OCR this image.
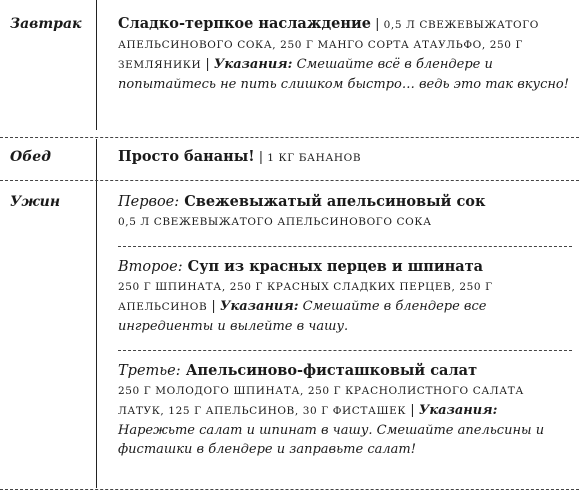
Завтрак	Сладко-терпкое наслаждение | 0,5 Л СВЕЖЕВЫЖАТОГО АПЕЛЬСИНОВОГО СОКА, 250 Г МАНГО СОРТА АТАУЛЬФО, 250 Г ЗЕМЛЯНИКИ | Указания: Смешайте всё в блендере и попытайтесь не пить слишком быстро… ведь это так вкусно!

Обед	Просто бананы! | 1 КГ БАНАНОВ

Ужин	Первое: Свежевыжатый апельсиновый сок

0,5 Л СВЕЖЕВЫЖАТОГО АПЕЛЬСИНОВОГО СОКА

Второе: Суп из красных перцев и шпината

250 Г ШПИНАТА, 250 Г КРАСНЫХ СЛАДКИХ ПЕРЦЕВ, 250 Г АПЕЛЬСИНОВ | Указания: Смешайте в блендере все ингредиенты и вылейте в чашу.

Третье: Апельсиново-фисташковый салат

250 Г МОЛОДОГО ШПИНАТА, 250 Г КРАСНОЛИСТНОГО САЛАТА ЛАТУК, 125 Г АПЕЛЬСИНОВ, 30 Г ФИСТАШЕК | Указания: Нарежьте салат и шпинат в чашу. Смешайте апельсины и фисташки в блендере и заправьте салат!
